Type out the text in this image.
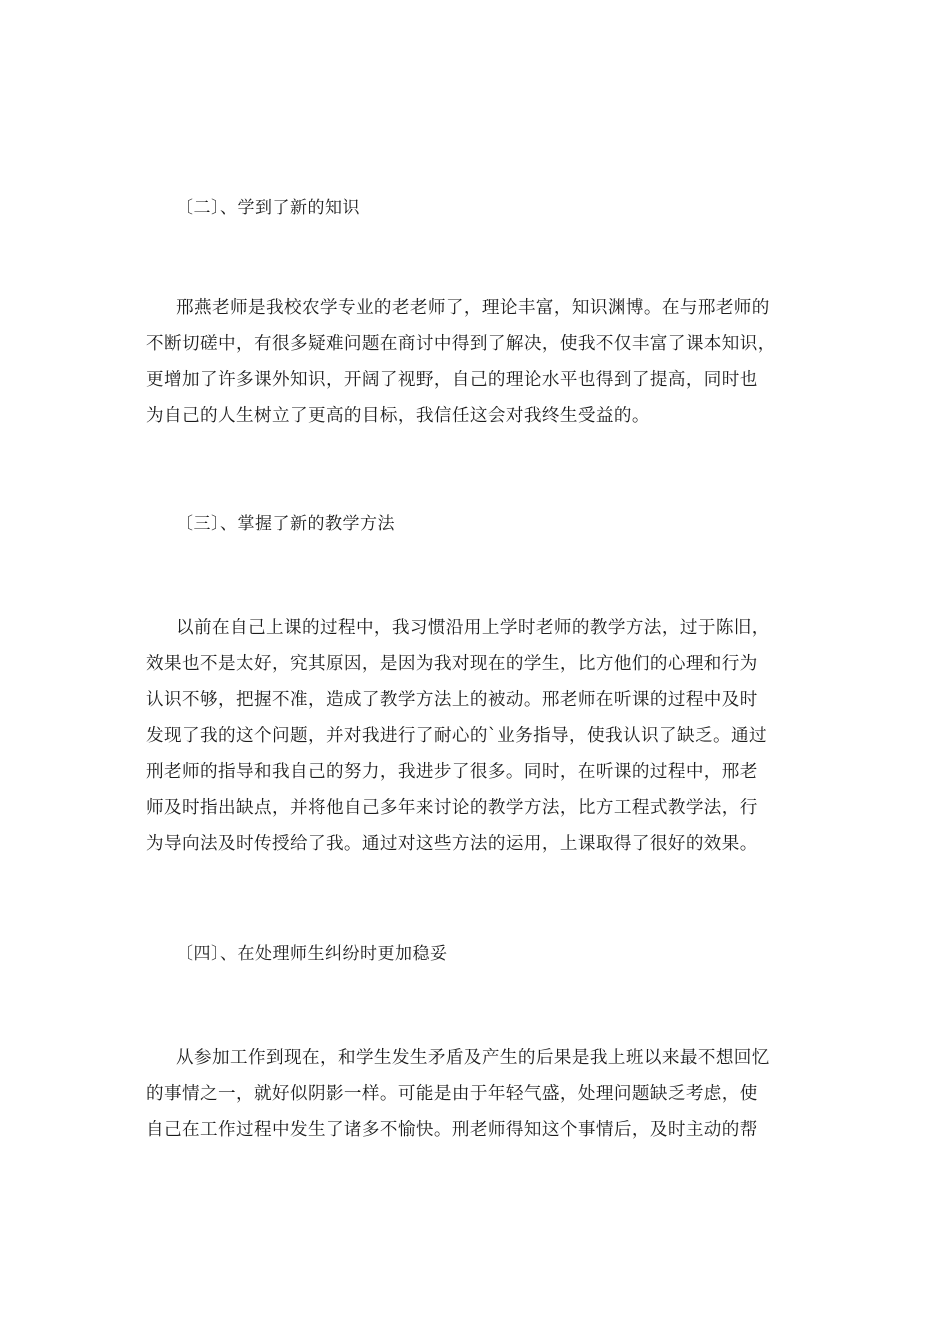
〔二〕、学到了新的知识
邢燕老师是我校农学专业的老老师了，理论丰富，知识渊博。在与邢老师的
不断切磋中，有很多疑难问题在商讨中得到了解决，使我不仅丰富了课本知识，
更增加了许多课外知识，开阔了视野，自己的理论水平也得到了提高，同时也
为自己的人生树立了更高的目标，我信任这会对我终生受益的。
〔三〕、掌握了新的教学方法
以前在自己上课的过程中，我习惯沿用上学时老师的教学方法，过于陈旧，
效果也不是太好，究其原因，是因为我对现在的学生，比方他们的心理和行为
认识不够，把握不准，造成了教学方法上的被动。邢老师在听课的过程中及时
发现了我的这个问题，并对我进行了耐心的`业务指导，使我认识了缺乏。通过
刑老师的指导和我自己的努力，我进步了很多。同时，在听课的过程中，邢老
师及时指出缺点，并将他自己多年来讨论的教学方法，比方工程式教学法，行
为导向法及时传授给了我。通过对这些方法的运用，上课取得了很好的效果。
〔四〕、在处理师生纠纷时更加稳妥
从参加工作到现在，和学生发生矛盾及产生的后果是我上班以来最不想回忆
的事情之一，就好似阴影一样。可能是由于年轻气盛，处理问题缺乏考虑，使
自己在工作过程中发生了诸多不愉快。刑老师得知这个事情后，及时主动的帮
